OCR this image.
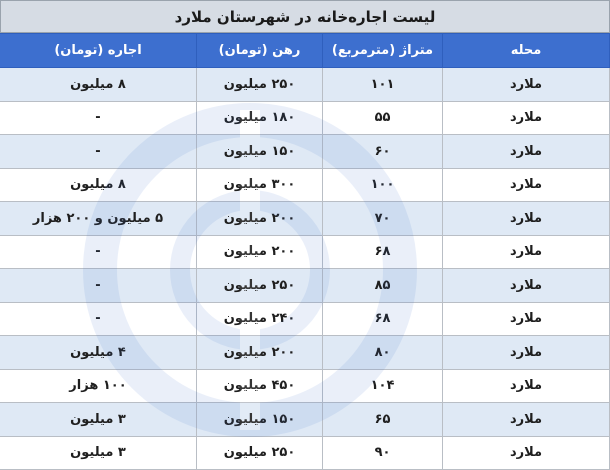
لیست اجاره‌خانه در شهرستان ملارد
محله	متراژ (مترمربع)	رهن (تومان)	اجاره (تومان)
ملارد	۱۰۱	۲۵۰ میلیون	۸ میلیون
ملارد	۵۵	۱۸۰ میلیون	-
ملارد	۶۰	۱۵۰ میلیون	-
ملارد	۱۰۰	۳۰۰ میلیون	۸ میلیون
ملارد	۷۰	۲۰۰ میلیون	۵ میلیون و ۲۰۰ هزار
ملارد	۶۸	۲۰۰ میلیون	-
ملارد	۸۵	۲۵۰ میلیون	-
ملارد	۶۸	۲۴۰ میلیون	-
ملارد	۸۰	۲۰۰ میلیون	۴ میلیون
ملارد	۱۰۴	۴۵۰ میلیون	۱۰۰ هزار
ملارد	۶۵	۱۵۰ میلیون	۳ میلیون
ملارد	۹۰	۲۵۰ میلیون	۳ میلیون
